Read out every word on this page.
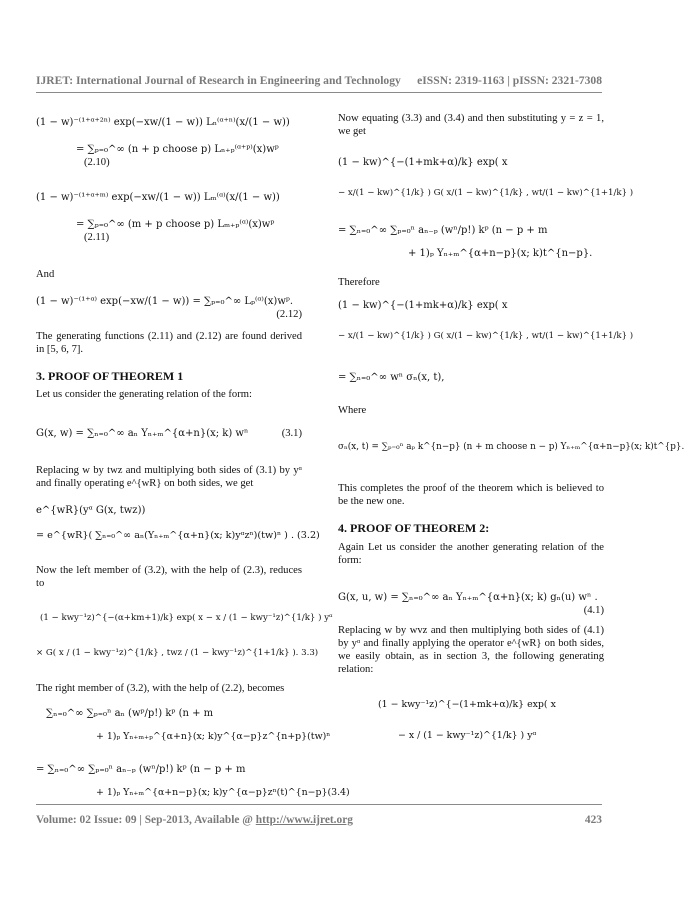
IJRET: International Journal of Research in Engineering and Technology eISSN: 2319-1163 | pISSN: 2321-7308
(1 − w)⁻⁽¹⁺ᵅ⁺²ⁿ⁾ exp(−xw/(1 − w)) Lₙ⁽ᵅ⁺ⁿ⁾(x/(1 − w))
= ∑ₚ₌₀^∞ (n + p choose p) Lₙ₊ₚ⁽ᵅ⁺ᵖ⁾(x)wᵖ (2.10)
(1 − w)⁻⁽¹⁺ᵅ⁺ᵐ⁾ exp(−xw/(1 − w)) Lₘ⁽ᵅ⁾(x/(1 − w))
= ∑ₚ₌₀^∞ (m + p choose p) Lₘ₊ₚ⁽ᵅ⁾(x)wᵖ (2.11)

And

(1 − w)⁻⁽¹⁺ᵅ⁾ exp(−xw/(1 − w)) = ∑ₚ₌₀^∞ Lₚ⁽ᵅ⁾(x)wᵖ.
(2.12)

The generating functions (2.11) and (2.12) are found derived in [5, 6, 7].

3. PROOF OF THEOREM 1

Let us consider the generating relation of the form:

G(x, w) = ∑ₙ₌₀^∞ aₙ Yₙ₊ₘ^{α+n}(x; k) wⁿ	(3.1)

Replacing w by twz and multiplying both sides of (3.1) by yᵅ and finally operating e^{wR} on both sides, we get

e^{wR}(yᵅ G(x, twz))
= e^{wR}( ∑ₙ₌₀^∞ aₙ(Yₙ₊ₘ^{α+n}(x; k)yᵅzⁿ)(tw)ⁿ ) . (3.2)

Now the left member of (3.2), with the help of (2.3), reduces to

(1 − kwy⁻¹z)^{−(α+km+1)/k} exp( x − x / (1 − kwy⁻¹z)^{1/k} ) yᵅ
× G( x / (1 − kwy⁻¹z)^{1/k} , twz / (1 − kwy⁻¹z)^{1+1/k} ). 3.3)

The right member of (3.2), with the help of (2.2), becomes

∑ₙ₌₀^∞ ∑ₚ₌₀ⁿ aₙ (wᵖ/p!) kᵖ (n + m
+ 1)ₚ Yₙ₊ₘ₊ₚ^{α+n}(x; k)y^{α−p}z^{n+p}(tw)ⁿ
= ∑ₙ₌₀^∞ ∑ₚ₌₀ⁿ aₙ₋ₚ (wⁿ/p!) kᵖ (n − p + m
+ 1)ₚ Yₙ₊ₘ^{α+n−p}(x; k)y^{α−p}zⁿ(t)^{n−p}(3.4)

Now equating (3.3) and (3.4) and then substituting y = z = 1, we get

(1 − kw)^{−(1+mk+α)/k} exp( x
− x/(1 − kw)^{1/k} ) G( x/(1 − kw)^{1/k} , wt/(1 − kw)^{1+1/k} )
= ∑ₙ₌₀^∞ ∑ₚ₌₀ⁿ aₙ₋ₚ (wⁿ/p!) kᵖ (n − p + m
+ 1)ₚ Yₙ₊ₘ^{α+n−p}(x; k)t^{n−p}.

Therefore

(1 − kw)^{−(1+mk+α)/k} exp( x
− x/(1 − kw)^{1/k} ) G( x/(1 − kw)^{1/k} , wt/(1 − kw)^{1+1/k} )
= ∑ₙ₌₀^∞ wⁿ σₙ(x, t),

Where

σₙ(x, t) = ∑ₚ₌₀ⁿ aₚ k^{n−p} (n + m choose n − p) Yₙ₊ₘ^{α+n−p}(x; k)t^{p}.

This completes the proof of the theorem which is believed to be the new one.

4. PROOF OF THEOREM 2:

Again Let us consider the another generating relation of the form:

G(x, u, w) = ∑ₙ₌₀^∞ aₙ Yₙ₊ₘ^{α+n}(x; k) gₙ(u) wⁿ .
(4.1)

Replacing w by wvz and then multiplying both sides of (4.1) by yᵅ and finally applying the operator e^{wR} on both sides, we easily obtain, as in section 3, the following generating relation:

(1 − kwy⁻¹z)^{−(1+mk+α)/k} exp( x
− x / (1 − kwy⁻¹z)^{1/k} ) yᵅ
Volume: 02 Issue: 09 | Sep-2013, Available @ http://www.ijret.org	423
